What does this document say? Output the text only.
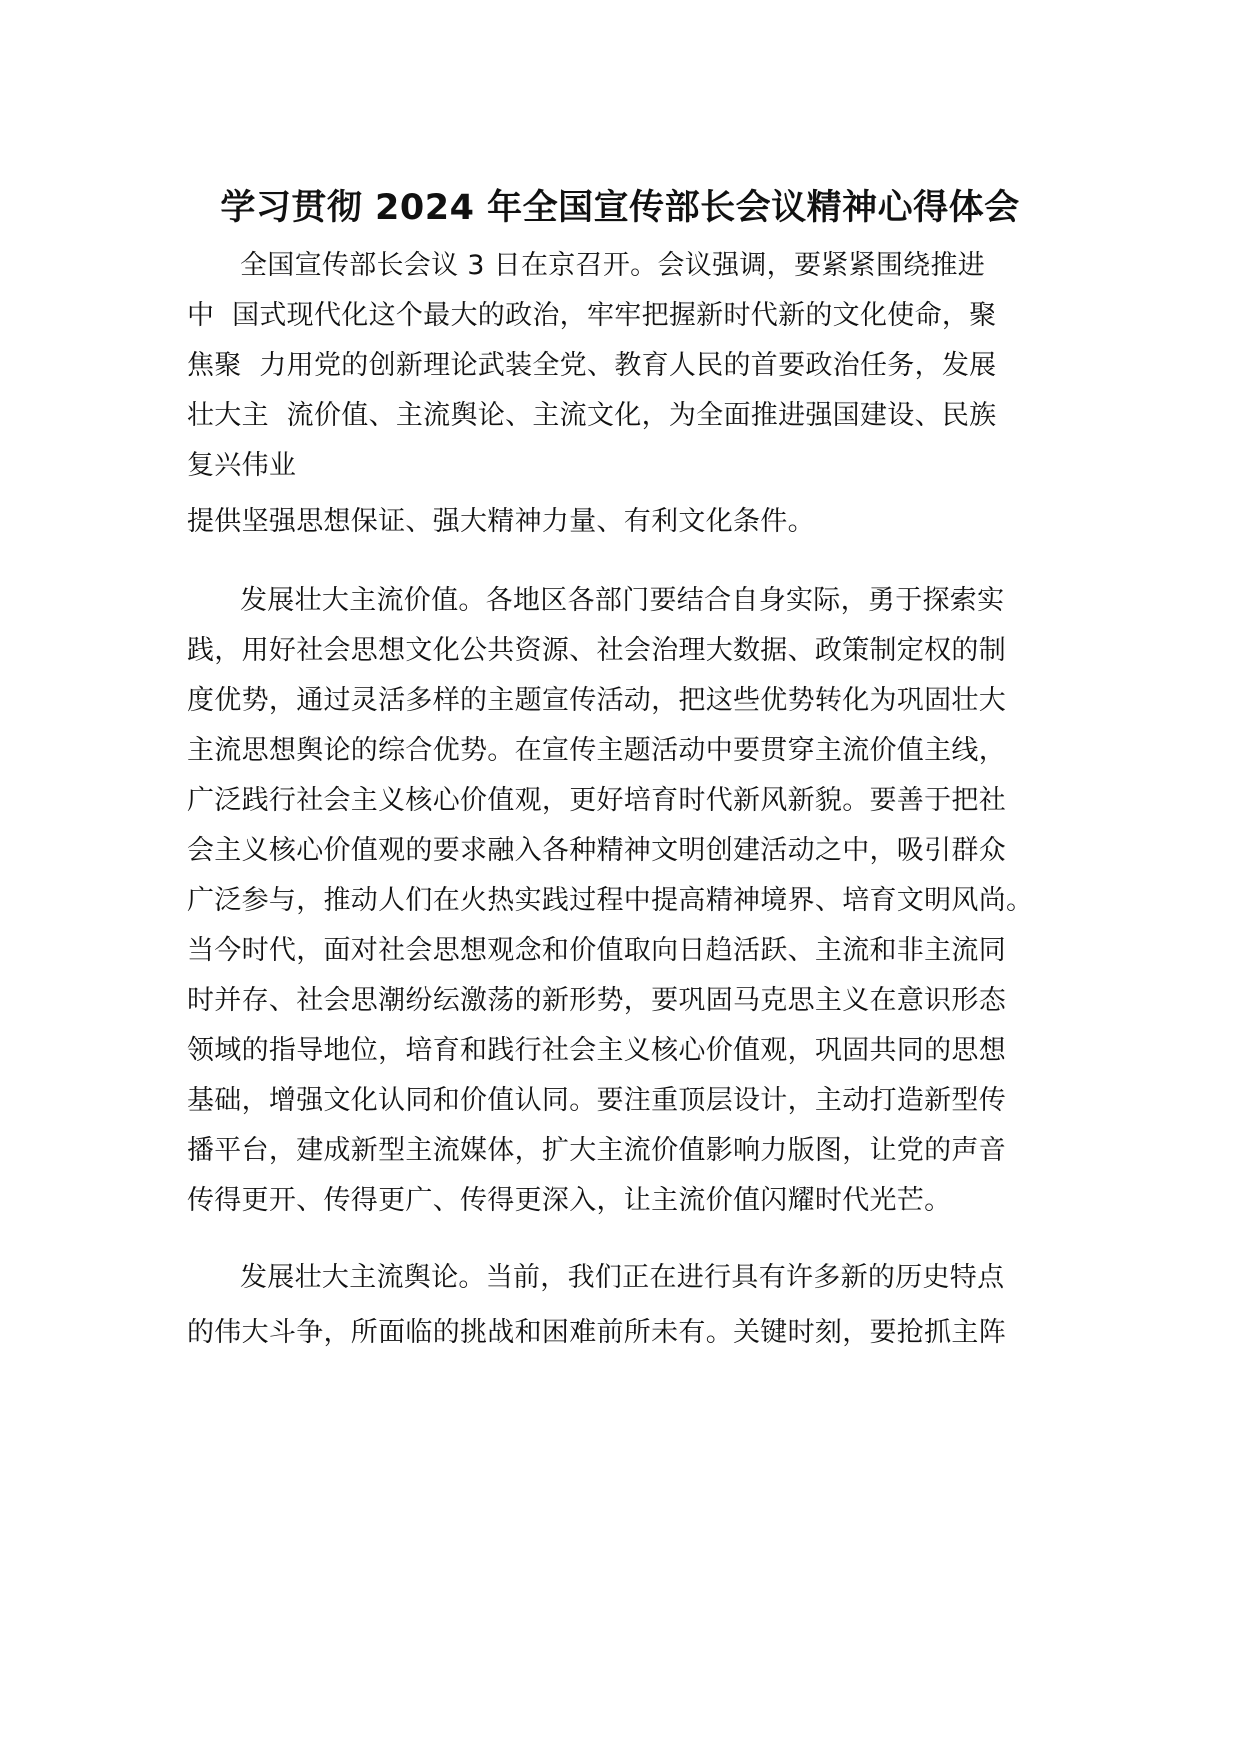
学习贯彻 2024 年全国宣传部长会议精神心得体会
全国宣传部长会议 3 日在京召开。会议强调，要紧紧围绕推进
中  国式现代化这个最大的政治，牢牢把握新时代新的文化使命，聚
焦聚  力用党的创新理论武装全党、教育人民的首要政治任务，发展
壮大主  流价值、主流舆论、主流文化，为全面推进强国建设、民族
复兴伟业
提供坚强思想保证、强大精神力量、有利文化条件。
发展壮大主流价值。各地区各部门要结合自身实际，勇于探索实
践，用好社会思想文化公共资源、社会治理大数据、政策制定权的制
度优势，通过灵活多样的主题宣传活动，把这些优势转化为巩固壮大
主流思想舆论的综合优势。在宣传主题活动中要贯穿主流价值主线，
广泛践行社会主义核心价值观，更好培育时代新风新貌。要善于把社
会主义核心价值观的要求融入各种精神文明创建活动之中，吸引群众
广泛参与，推动人们在火热实践过程中提高精神境界、培育文明风尚。
当今时代，面对社会思想观念和价值取向日趋活跃、主流和非主流同
时并存、社会思潮纷纭激荡的新形势，要巩固马克思主义在意识形态
领域的指导地位，培育和践行社会主义核心价值观，巩固共同的思想
基础，增强文化认同和价值认同。要注重顶层设计，主动打造新型传
播平台，建成新型主流媒体，扩大主流价值影响力版图，让党的声音
传得更开、传得更广、传得更深入，让主流价值闪耀时代光芒。
发展壮大主流舆论。当前，我们正在进行具有许多新的历史特点
的伟大斗争，所面临的挑战和困难前所未有。关键时刻，要抢抓主阵
